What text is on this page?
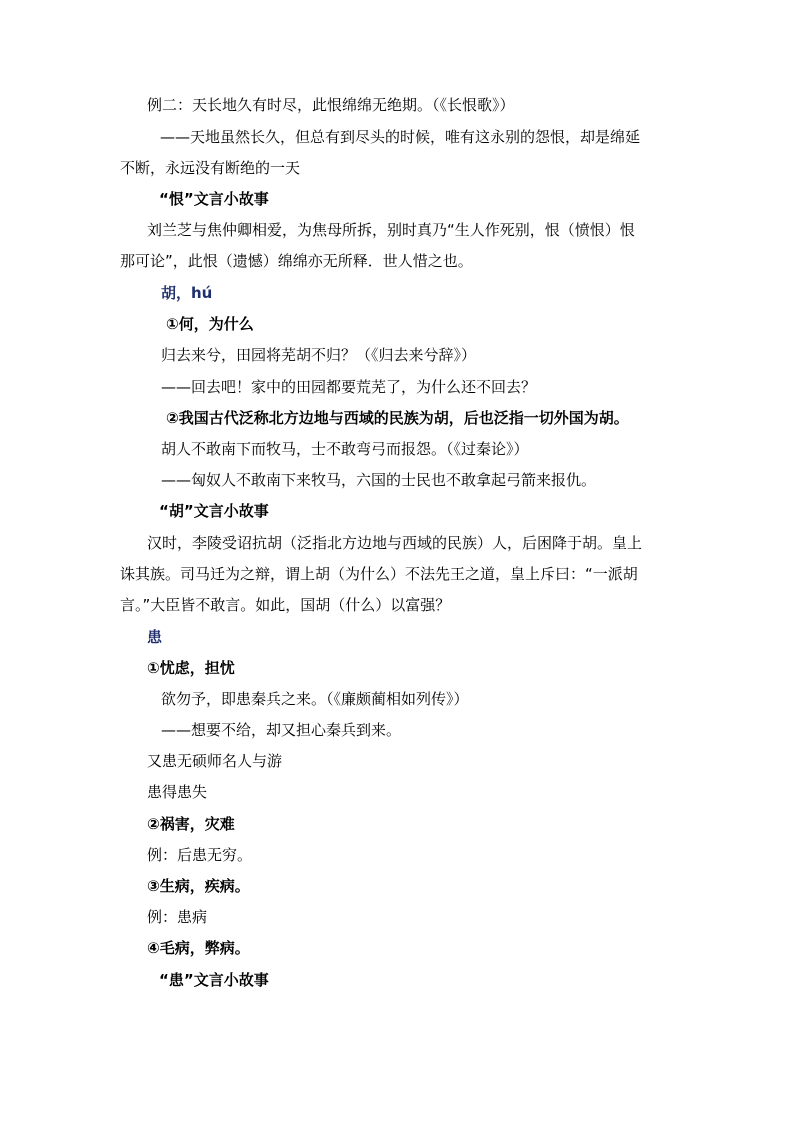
例二：天长地久有时尽，此恨绵绵无绝期。（《长恨歌》）
——天地虽然长久，但总有到尽头的时候，唯有这永别的怨恨，却是绵延
不断，永远没有断绝的一天
“恨”文言小故事
刘兰芝与焦仲卿相爱，为焦母所拆，别时真乃“生人作死别，恨（愤恨）恨
那可论”，此恨（遗憾）绵绵亦无所释．世人惜之也。
胡，hú
①何，为什么
归去来兮，田园将芜胡不归？（《归去来兮辞》）
——回去吧！家中的田园都要荒芜了，为什么还不回去？
②我国古代泛称北方边地与西域的民族为胡，后也泛指一切外国为胡。
胡人不敢南下而牧马，士不敢弯弓而报怨。（《过秦论》）
——匈奴人不敢南下来牧马，六国的士民也不敢拿起弓箭来报仇。
“胡”文言小故事
汉时，李陵受诏抗胡（泛指北方边地与西域的民族）人，后困降于胡。皇上
诛其族。司马迁为之辩，谓上胡（为什么）不法先王之道，皇上斥曰：“一派胡
言。”大臣皆不敢言。如此，国胡（什么）以富强？
患
①忧虑，担忧
欲勿予，即患秦兵之来。（《廉颇蔺相如列传》）
——想要不给，却又担心秦兵到来。
又患无硕师名人与游
患得患失
②祸害，灾难
例：后患无穷。
③生病，疾病。
例：患病
④毛病，弊病。
“患”文言小故事
